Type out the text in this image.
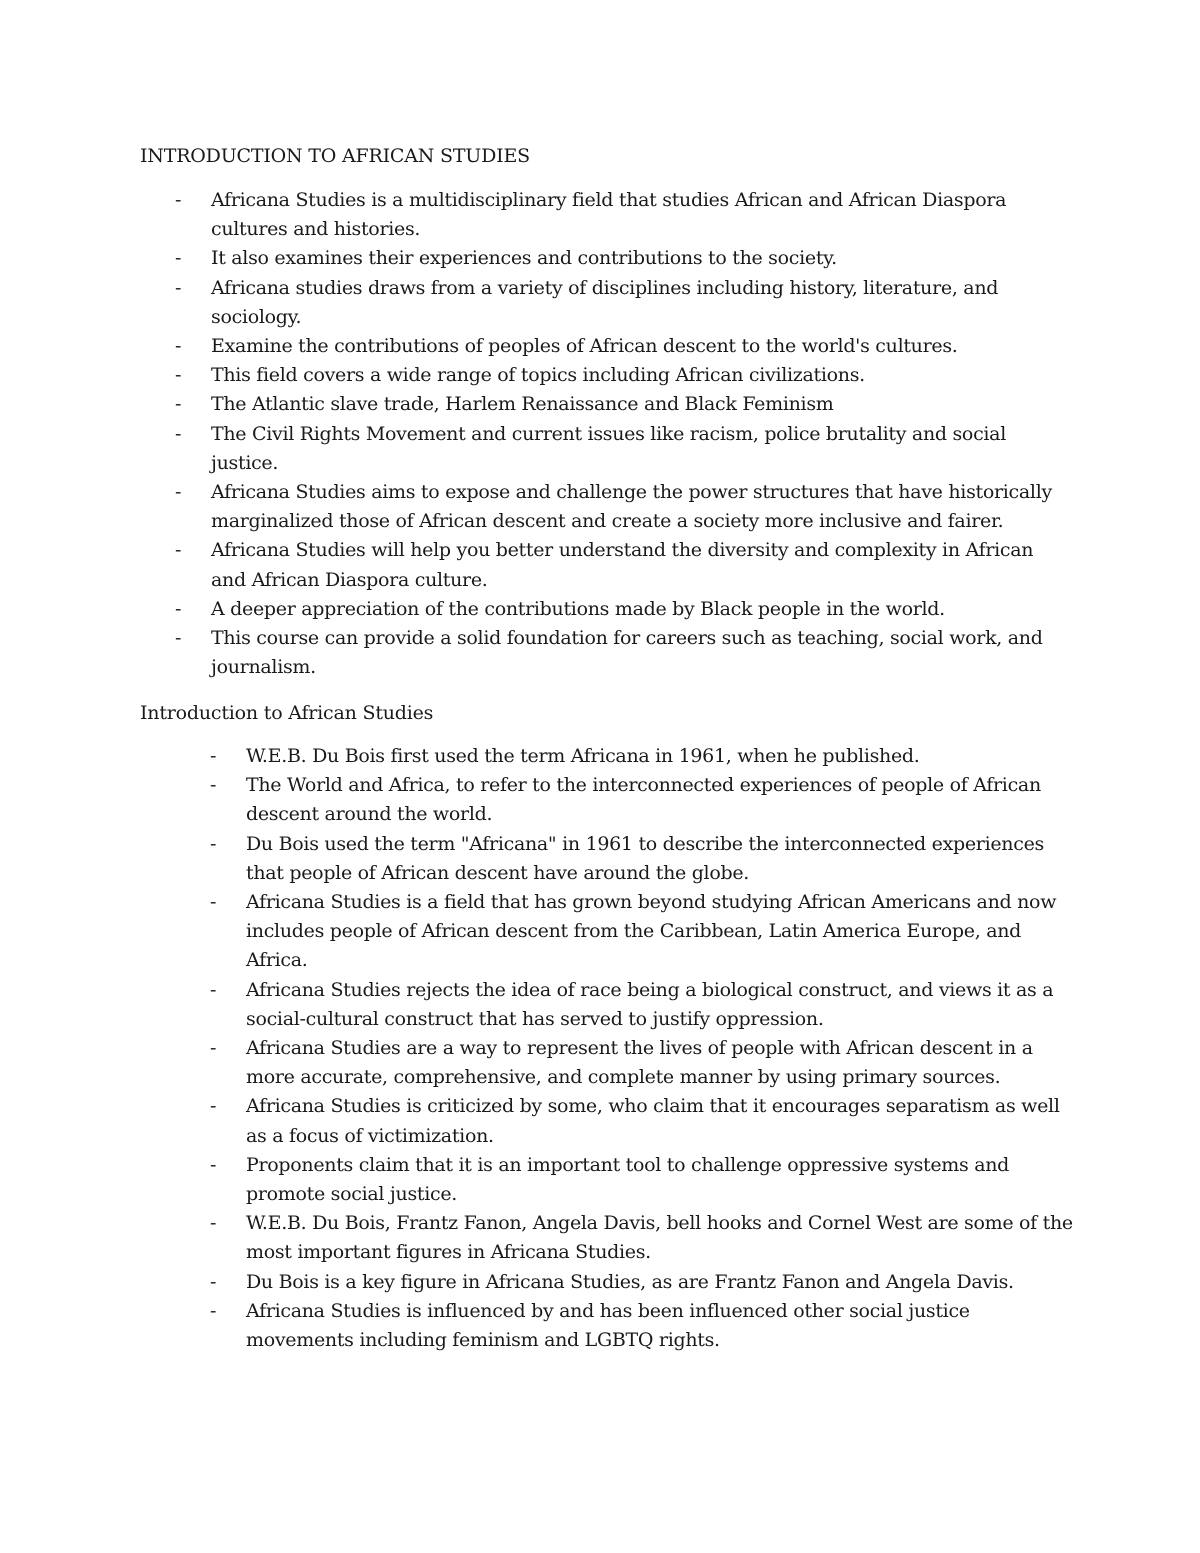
INTRODUCTION TO AFRICAN STUDIES
- Africana Studies is a multidisciplinary field that studies African and African Diaspora cultures and histories.
- It also examines their experiences and contributions to the society.
- Africana studies draws from a variety of disciplines including history, literature, and sociology.
- Examine the contributions of peoples of African descent to the world's cultures.
- This field covers a wide range of topics including African civilizations.
- The Atlantic slave trade, Harlem Renaissance and Black Feminism
- The Civil Rights Movement and current issues like racism, police brutality and social justice.
- Africana Studies aims to expose and challenge the power structures that have historically marginalized those of African descent and create a society more inclusive and fairer.
- Africana Studies will help you better understand the diversity and complexity in African and African Diaspora culture.
- A deeper appreciation of the contributions made by Black people in the world.
- This course can provide a solid foundation for careers such as teaching, social work, and journalism.
Introduction to African Studies
- W.E.B. Du Bois first used the term Africana in 1961, when he published.
- The World and Africa, to refer to the interconnected experiences of people of African descent around the world.
- Du Bois used the term "Africana" in 1961 to describe the interconnected experiences that people of African descent have around the globe.
- Africana Studies is a field that has grown beyond studying African Americans and now includes people of African descent from the Caribbean, Latin America Europe, and Africa.
- Africana Studies rejects the idea of race being a biological construct, and views it as a social-cultural construct that has served to justify oppression.
- Africana Studies are a way to represent the lives of people with African descent in a more accurate, comprehensive, and complete manner by using primary sources.
- Africana Studies is criticized by some, who claim that it encourages separatism as well as a focus of victimization.
- Proponents claim that it is an important tool to challenge oppressive systems and promote social justice.
- W.E.B. Du Bois, Frantz Fanon, Angela Davis, bell hooks and Cornel West are some of the most important figures in Africana Studies.
- Du Bois is a key figure in Africana Studies, as are Frantz Fanon and Angela Davis.
- Africana Studies is influenced by and has been influenced other social justice movements including feminism and LGBTQ rights.
